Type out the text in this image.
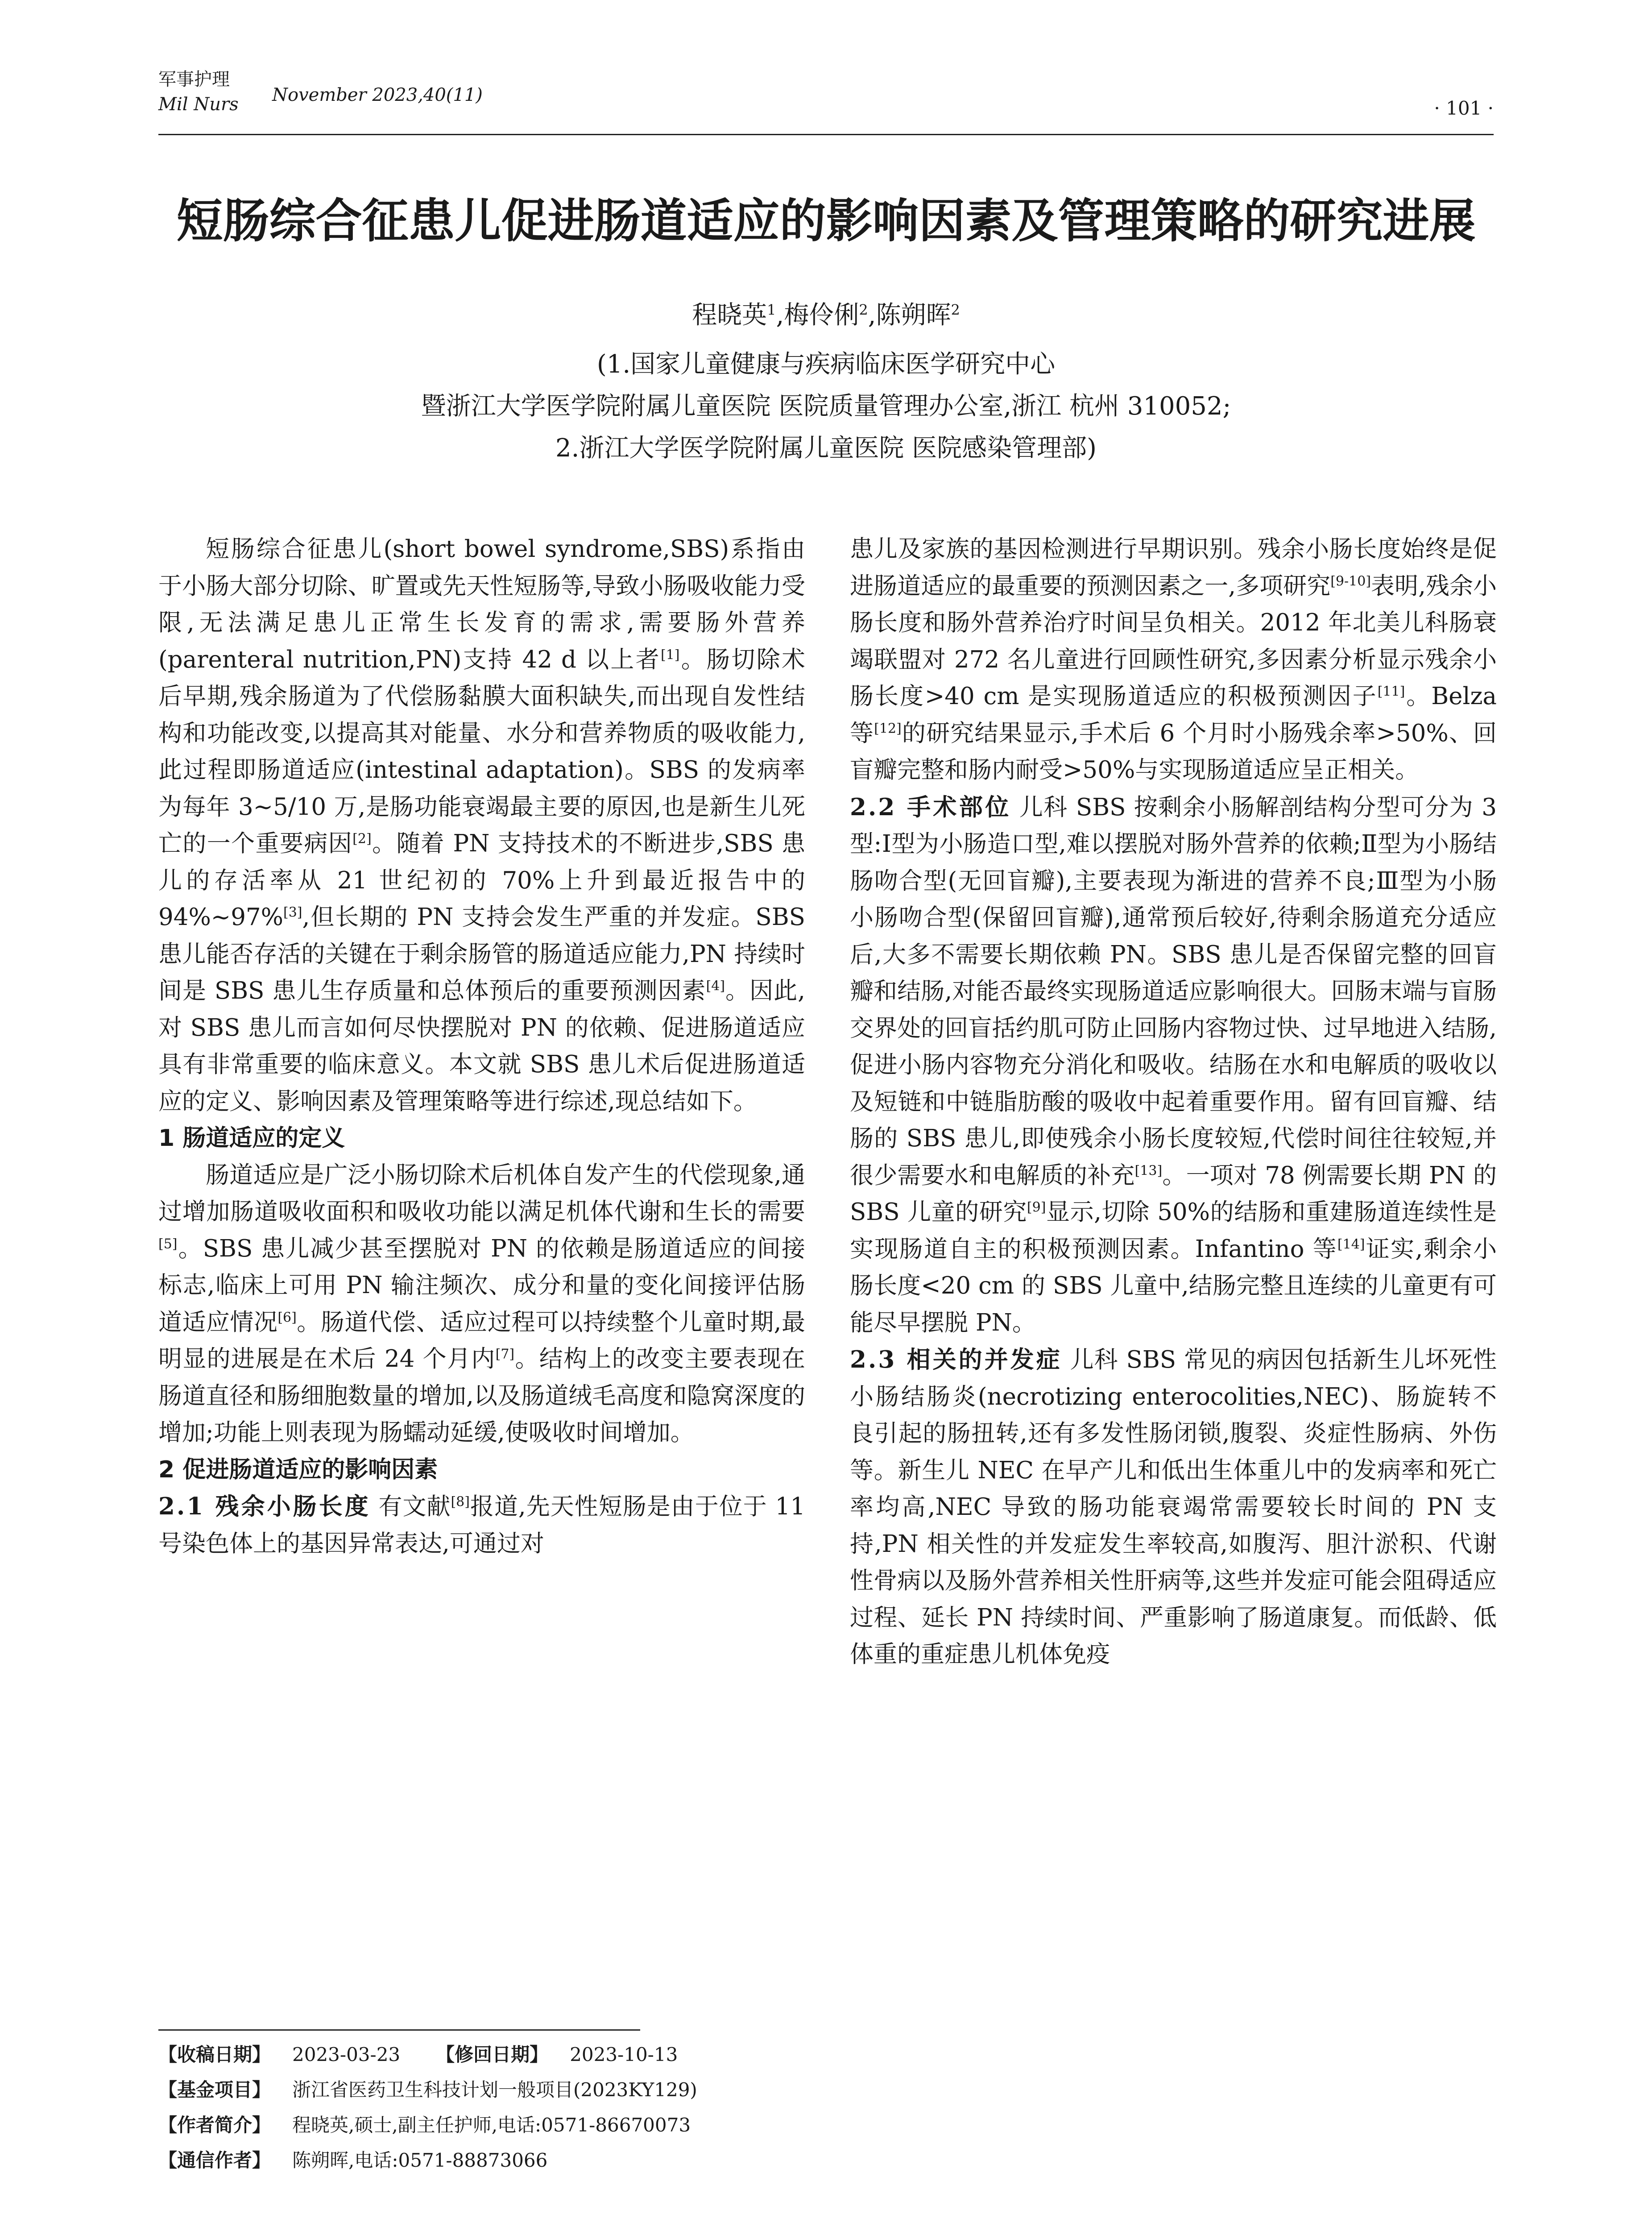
军事护理
Mil Nurs November 2023,40(11)
· 101 ·
短肠综合征患儿促进肠道适应的影响因素及管理策略的研究进展
程晓英$^1$,梅伶俐$^2$,陈朔晖$^2$
(1.国家儿童健康与疾病临床医学研究中心
暨浙江大学医学院附属儿童医院 医院质量管理办公室,浙江 杭州 310052;
2.浙江大学医学院附属儿童医院 医院感染管理部)

短肠综合征患儿(short bowel syndrome,SBS)系指由于小肠大部分切除、旷置或先天性短肠等,导致小肠吸收能力受限,无法满足患儿正常生长发育的需求,需要肠外营养(parenteral nutrition,PN)支持 42 d 以上者[1]。肠切除术后早期,残余肠道为了代偿肠黏膜大面积缺失,而出现自发性结构和功能改变,以提高其对能量、水分和营养物质的吸收能力,此过程即肠道适应(intestinal adaptation)。SBS 的发病率为每年 3~5/10 万,是肠功能衰竭最主要的原因,也是新生儿死亡的一个重要病因[2]。随着 PN 支持技术的不断进步,SBS 患儿的存活率从 21 世纪初的 70%上升到最近报告中的 94%~97%[3],但长期的 PN 支持会发生严重的并发症。SBS 患儿能否存活的关键在于剩余肠管的肠道适应能力,PN 持续时间是 SBS 患儿生存质量和总体预后的重要预测因素[4]。因此,对 SBS 患儿而言如何尽快摆脱对 PN 的依赖、促进肠道适应具有非常重要的临床意义。本文就 SBS 患儿术后促进肠道适应的定义、影响因素及管理策略等进行综述,现总结如下。

1 肠道适应的定义

肠道适应是广泛小肠切除术后机体自发产生的代偿现象,通过增加肠道吸收面积和吸收功能以满足机体代谢和生长的需要[5]。SBS 患儿减少甚至摆脱对 PN 的依赖是肠道适应的间接标志,临床上可用 PN 输注频次、成分和量的变化间接评估肠道适应情况[6]。肠道代偿、适应过程可以持续整个儿童时期,最明显的进展是在术后 24 个月内[7]。结构上的改变主要表现在肠道直径和肠细胞数量的增加,以及肠道绒毛高度和隐窝深度的增加;功能上则表现为肠蠕动延缓,使吸收时间增加。

2 促进肠道适应的影响因素

2.1 残余小肠长度 有文献[8]报道,先天性短肠是由于位于 11 号染色体上的基因异常表达,可通过对

患儿及家族的基因检测进行早期识别。残余小肠长度始终是促进肠道适应的最重要的预测因素之一,多项研究[9-10]表明,残余小肠长度和肠外营养治疗时间呈负相关。2012 年北美儿科肠衰竭联盟对 272 名儿童进行回顾性研究,多因素分析显示残余小肠长度>40 cm 是实现肠道适应的积极预测因子[11]。Belza 等[12]的研究结果显示,手术后 6 个月时小肠残余率>50%、回盲瓣完整和肠内耐受>50%与实现肠道适应呈正相关。

2.2 手术部位 儿科 SBS 按剩余小肠解剖结构分型可分为 3 型:Ⅰ型为小肠造口型,难以摆脱对肠外营养的依赖;Ⅱ型为小肠结肠吻合型(无回盲瓣),主要表现为渐进的营养不良;Ⅲ型为小肠小肠吻合型(保留回盲瓣),通常预后较好,待剩余肠道充分适应后,大多不需要长期依赖 PN。SBS 患儿是否保留完整的回盲瓣和结肠,对能否最终实现肠道适应影响很大。回肠末端与盲肠交界处的回盲括约肌可防止回肠内容物过快、过早地进入结肠,促进小肠内容物充分消化和吸收。结肠在水和电解质的吸收以及短链和中链脂肪酸的吸收中起着重要作用。留有回盲瓣、结肠的 SBS 患儿,即使残余小肠长度较短,代偿时间往往较短,并很少需要水和电解质的补充[13]。一项对 78 例需要长期 PN 的 SBS 儿童的研究[9]显示,切除 50%的结肠和重建肠道连续性是实现肠道自主的积极预测因素。Infantino 等[14]证实,剩余小肠长度<20 cm 的 SBS 儿童中,结肠完整且连续的儿童更有可能尽早摆脱 PN。

2.3 相关的并发症 儿科 SBS 常见的病因包括新生儿坏死性小肠结肠炎(necrotizing enterocolities,NEC)、肠旋转不良引起的肠扭转,还有多发性肠闭锁,腹裂、炎症性肠病、外伤等。新生儿 NEC 在早产儿和低出生体重儿中的发病率和死亡率均高,NEC 导致的肠功能衰竭常需要较长时间的 PN 支持,PN 相关性的并发症发生率较高,如腹泻、胆汁淤积、代谢性骨病以及肠外营养相关性肝病等,这些并发症可能会阻碍适应过程、延长 PN 持续时间、严重影响了肠道康复。而低龄、低体重的重症患儿机体免疫

【收稿日期】 2023-03-23 【修回日期】 2023-10-13
【基金项目】 浙江省医药卫生科技计划一般项目(2023KY129)
【作者简介】 程晓英,硕士,副主任护师,电话:0571-86670073
【通信作者】 陈朔晖,电话:0571-88873066
